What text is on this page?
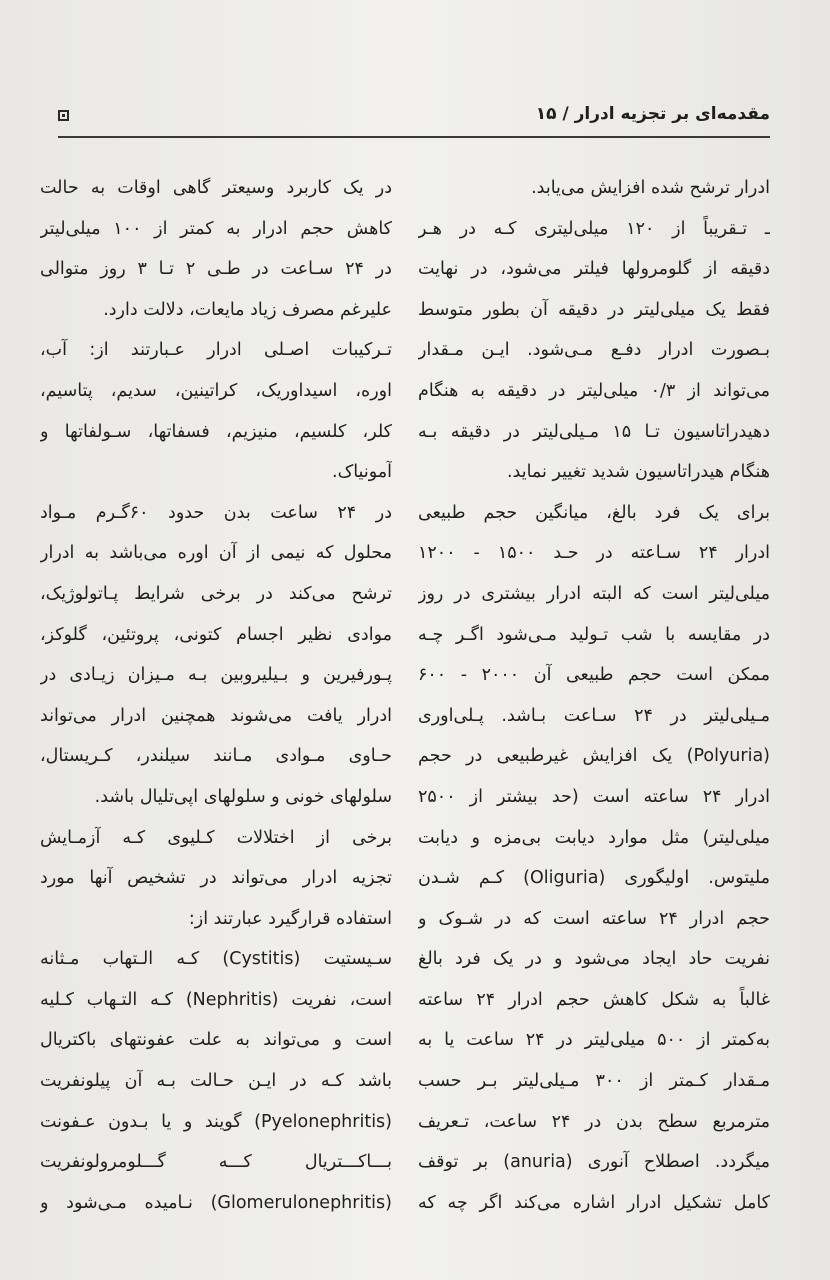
مقدمه‌ای بر تجزیه ادرار / ۱۵
ادرار ترشح شده افزایش می‌یابد.
ـ تـقریباً از ۱۲۰ میلی‌لیتری کـه در هـر
دقیقه از گلومرولها فیلتر می‌شود، در نهایت
فقط یک میلی‌لیتر در دقیقه آن بطور متوسط
بـصورت ادرار دفـع مـی‌شود. ایـن مـقدار
می‌تواند از ۰/۳ میلی‌لیتر در دقیقه به هنگام
دهیدراتاسیون تـا ۱۵ مـیلی‌لیتر در دقیقه بـه
هنگام هیدراتاسیون شدید تغییر نماید.
برای یک فرد بالغ، میانگین حجم طبیعی
ادرار ۲۴ سـاعته در حـد ۱۵۰۰ - ۱۲۰۰
میلی‌لیتر است که البته ادرار بیشتری در روز
در مقایسه با شب تـولید مـی‌شود اگـر چـه
ممکن است حجم طبیعی آن ۲۰۰۰ - ۶۰۰
مـیلی‌لیتر در ۲۴ سـاعت بـاشد. پـلی‌اوری
(Polyuria) یک افزایش غیرطبیعی در حجم
ادرار ۲۴ ساعته است (حد بیشتر از ۲۵۰۰
میلی‌لیتر) مثل موارد دیابت بی‌مزه و دیابت
ملیتوس. اولیگوری (Oliguria) کـم شـدن
حجم ادرار ۲۴ ساعته است که در شـوک و
نفریت حاد ایجاد می‌شود و در یک فرد بالغ
غالباً به شکل کاهش حجم ادرار ۲۴ ساعته
به‌کمتر از ۵۰۰ میلی‌لیتر در ۲۴ ساعت یا به
مـقدار کـمتر از ۳۰۰ مـیلی‌لیتر بـر حسب
مترمربع سطح بدن در ۲۴ ساعت، تـعریف
میگردد. اصطلاح آنوری (anuria) بر توقف
کامل تشکیل ادرار اشاره می‌کند اگر چه که
در یک کاربرد وسیعتر گاهی اوقات به حالت
کاهش حجم ادرار به کمتر از ۱۰۰ میلی‌لیتر
در ۲۴ سـاعت در طـی ۲ تـا ۳ روز متوالی
علیرغم مصرف زیاد مایعات، دلالت دارد.
تـرکیبات اصـلی ادرار عـبارتند از: آب،
اوره، اسیداوریک، کراتینین، سدیم، پتاسیم،
کلر، کلسیم، منیزیم، فسفاتها، سـولفاتها و
آمونیاک.
در ۲۴ ساعت بدن حدود ۶۰گـرم مـواد
محلول که نیمی از آن اوره می‌باشد به ادرار
ترشح می‌کند در برخی شرایط پـاتولوژیک،
موادی نظیر اجسام کتونی، پروتئین، گلوکز،
پـورفیرین و بـیلیروبین بـه مـیزان زیـادی در
ادرار یافت می‌شوند همچنین ادرار می‌تواند
حـاوی مـوادی مـانند سیلندر، کـریستال،
سلولهای خونی و سلولهای اپی‌تلیال باشد.
برخی از اختلالات کـلیوی کـه آزمـایش
تجزیه ادرار می‌تواند در تشخیص آنها مورد
استفاده قرارگیرد عبارتند از:
سـیستیت (Cystitis) کـه الـتهاب مـثانه
است، نفریت (Nephritis) کـه التـهاب کـلیه
است و می‌تواند به علت عفونتهای باکتریال
باشد کـه در ایـن حـالت بـه آن پیلونفریت
(Pyelonephritis) گویند و یا بـدون عـفونت
بـــاکـــتریال کـــه گـــلومرولونفریت
(Glomerulonephritis) نـامیده مـی‌شود و
